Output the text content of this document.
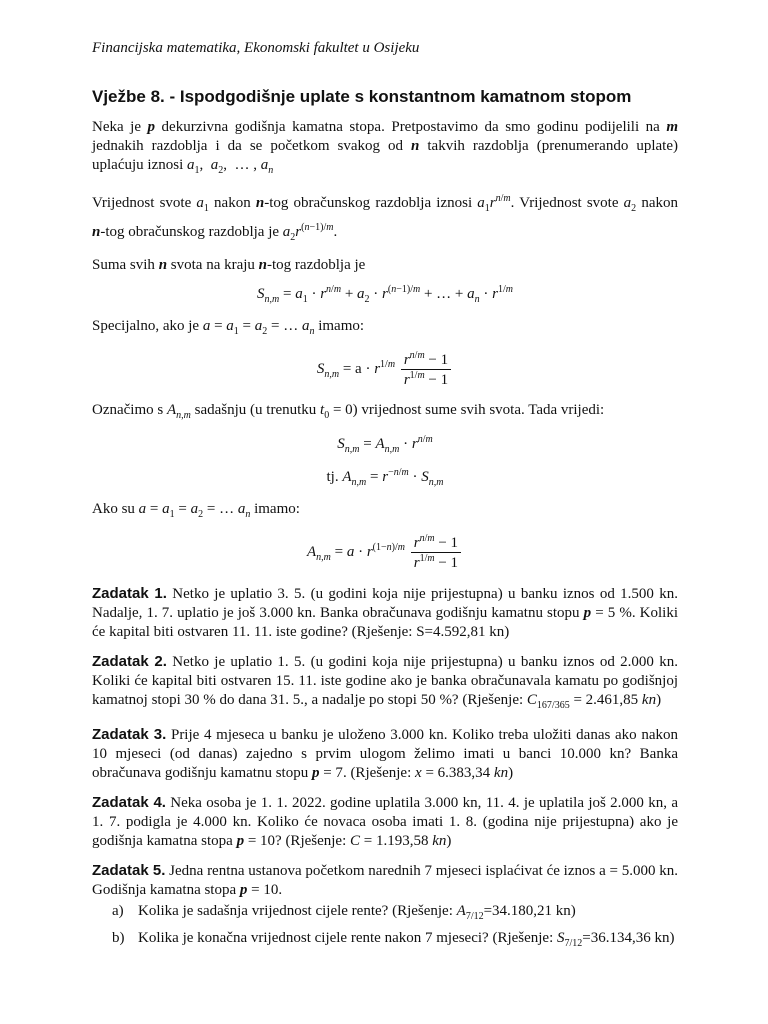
Financijska matematika, Ekonomski fakultet u Osijeku
Vježbe 8. - Ispodgodišnje uplate s konstantnom kamatnom stopom

Neka je p dekurzivna godišnja kamatna stopa. Pretpostavimo da smo godinu podijelili na m jednakih razdoblja i da se početkom svakog od n takvih razdoblja (prenumerando uplate) uplaćuju iznosi $a_1$,  $a_2$,  … , $a_n$

Vrijednost svote $a_1$ nakon n-tog obračunskog razdoblja iznosi $a_1r^{n/m}$. Vrijednost svote $a_2$ nakon n-tog obračunskog razdoblja je $a_2r^{(n-1)/m}$.

Suma svih n svota na kraju n-tog razdoblja je

$S_{n,m} = a_1 \cdot r^{n/m} + a_2 \cdot r^{(n-1)/m}$ + … + $a_n \cdot r^{1/m}$

Specijalno, ako je $a = a_1 = a_2$ = … $a_n$ imamo:

$S_{n,m} = a \cdot r^{1/m} \frac{r^{n/m} - 1}{r^{1/m} - 1}$

Označimo s $A_{n,m}$ sadašnju (u trenutku $t_0 = 0$) vrijednost sume svih svota. Tada vrijedi:

$S_{n,m} = A_{n,m} \cdot r^{n/m}$
tj. $A_{n,m} = r^{-n/m} \cdot S_{n,m}$

Ako su $a = a_1 = a_2$ = … $a_n$ imamo:

$A_{n,m} = a \cdot r^{(1-n)/m} \frac{r^{n/m} - 1}{r^{1/m} - 1}$

Zadatak 1. Netko je uplatio 3. 5. (u godini koja nije prijestupna) u banku iznos od 1.500 kn. Nadalje, 1. 7. uplatio je još 3.000 kn. Banka obračunava godišnju kamatnu stopu p = 5 %. Koliki će kapital biti ostvaren 11. 11. iste godine? (Rješenje: S=4.592,81 kn)

Zadatak 2. Netko je uplatio 1. 5. (u godini koja nije prijestupna) u banku iznos od 2.000 kn. Koliki će kapital biti ostvaren 15. 11. iste godine ako je banka obračunavala kamatu po godišnjoj kamatnoj stopi 30 % do dana 31. 5., a nadalje po stopi 50 %? (Rješenje: $C_{167/365} = 2.461,85$ kn)

Zadatak 3. Prije 4 mjeseca u banku je uloženo 3.000 kn. Koliko treba uložiti danas ako nakon 10 mjeseci (od danas) zajedno s prvim ulogom želimo imati u banci 10.000 kn? Banka obračunava godišnju kamatnu stopu p = 7. (Rješenje: x = 6.383,34 kn)

Zadatak 4. Neka osoba je 1. 1. 2022. godine uplatila 3.000 kn, 11. 4. je uplatila još 2.000 kn, a 1. 7. podigla je 4.000 kn. Koliko će novaca osoba imati 1. 8. (godina nije prijestupna) ako je godišnja kamatna stopa p = 10? (Rješenje: C = 1.193,58 kn)

Zadatak 5. Jedna rentna ustanova početkom narednih 7 mjeseci isplaćivat će iznos a = 5.000 kn. Godišnja kamatna stopa p = 10.

a) Kolika je sadašnja vrijednost cijele rente? (Rješenje: $A_{7/12}=34.180,21$ kn)
b) Kolika je konačna vrijednost cijele rente nakon 7 mjeseci? (Rješenje: $S_{7/12}=36.134,36$ kn)
